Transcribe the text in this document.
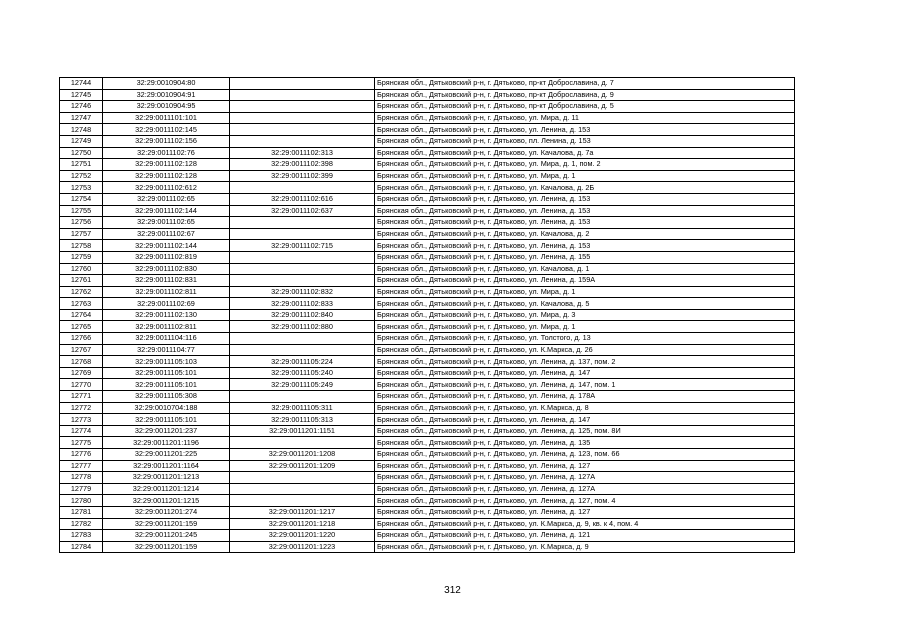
12744	32:29:0010904:80		Брянская обл., Дятьковский р-н, г. Дятьково, пр-кт Доброславина, д. 7
12745	32:29:0010904:91		Брянская обл., Дятьковский р-н, г. Дятьково, пр-кт Доброславина, д. 9
12746	32:29:0010904:95		Брянская обл., Дятьковский р-н, г. Дятьково, пр-кт Доброславина, д. 5
12747	32:29:0011101:101		Брянская обл., Дятьковский р-н, г. Дятьково, ул. Мира, д. 11
12748	32:29:0011102:145		Брянская обл., Дятьковский р-н, г. Дятьково, ул. Ленина, д. 153
12749	32:29:0011102:156		Брянская обл., Дятьковский р-н, г. Дятьково, пл. Ленина, д. 153
12750	32:29:0011102:76	32:29:0011102:313	Брянская обл., Дятьковский р-н, г. Дятьково, ул. Качалова, д. 7а
12751	32:29:0011102:128	32:29:0011102:398	Брянская обл., Дятьковский р-н, г. Дятьково, ул. Мира, д. 1, пом. 2
12752	32:29:0011102:128	32:29:0011102:399	Брянская обл., Дятьковский р-н, г. Дятьково, ул. Мира, д. 1
12753	32:29:0011102:612		Брянская обл., Дятьковский р-н, г. Дятьково, ул. Качалова, д. 2Б
12754	32:29:0011102:65	32:29:0011102:616	Брянская обл., Дятьковский р-н, г. Дятьково, ул. Ленина, д. 153
12755	32:29:0011102:144	32:29:0011102:637	Брянская обл., Дятьковский р-н, г. Дятьково, ул. Ленина, д. 153
12756	32:29:0011102:65		Брянская обл., Дятьковский р-н, г. Дятьково, ул. Ленина, д. 153
12757	32:29:0011102:67		Брянская обл., Дятьковский р-н, г. Дятьково, ул. Качалова, д. 2
12758	32:29:0011102:144	32:29:0011102:715	Брянская обл., Дятьковский р-н, г. Дятьково, ул. Ленина, д. 153
12759	32:29:0011102:819		Брянская обл., Дятьковский р-н, г. Дятьково, ул. Ленина, д. 155
12760	32:29:0011102:830		Брянская обл., Дятьковский р-н, г. Дятьково, ул. Качалова, д. 1
12761	32:29:0011102:831		Брянская обл., Дятьковский р-н, г. Дятьково, ул. Ленина, д. 159А
12762	32:29:0011102:811	32:29:0011102:832	Брянская обл., Дятьковский р-н, г. Дятьково, ул. Мира, д. 1
12763	32:29:0011102:69	32:29:0011102:833	Брянская обл., Дятьковский р-н, г. Дятьково, ул. Качалова, д. 5
12764	32:29:0011102:130	32:29:0011102:840	Брянская обл., Дятьковский р-н, г. Дятьково, ул. Мира, д. 3
12765	32:29:0011102:811	32:29:0011102:880	Брянская обл., Дятьковский р-н, г. Дятьково, ул. Мира, д. 1
12766	32:29:0011104:116		Брянская обл., Дятьковский р-н, г. Дятьково, ул. Толстого, д. 13
12767	32:29:0011104:77		Брянская обл., Дятьковский р-н, г. Дятьково, ул. К.Маркса, д. 26
12768	32:29:0011105:103	32:29:0011105:224	Брянская обл., Дятьковский р-н, г. Дятьково, ул. Ленина, д. 137, пом. 2
12769	32:29:0011105:101	32:29:0011105:240	Брянская обл., Дятьковский р-н, г. Дятьково, ул. Ленина, д. 147
12770	32:29:0011105:101	32:29:0011105:249	Брянская обл., Дятьковский р-н, г. Дятьково, ул. Ленина, д. 147, пом. 1
12771	32:29:0011105:308		Брянская обл., Дятьковский р-н, г. Дятьково, ул. Ленина, д. 178А
12772	32:29:0010704:188	32:29:0011105:311	Брянская обл., Дятьковский р-н, г. Дятьково, ул. К.Маркса, д. 8
12773	32:29:0011105:101	32:29:0011105:313	Брянская обл., Дятьковский р-н, г. Дятьково, ул. Ленина, д. 147
12774	32:29:0011201:237	32:29:0011201:1151	Брянская обл., Дятьковский р-н, г. Дятьково, ул. Ленина, д. 125, пом. 8И
12775	32:29:0011201:1196		Брянская обл., Дятьковский р-н, г. Дятьково, ул. Ленина, д. 135
12776	32:29:0011201:225	32:29:0011201:1208	Брянская обл., Дятьковский р-н, г. Дятьково, ул. Ленина, д. 123, пом. 66
12777	32:29:0011201:1164	32:29:0011201:1209	Брянская обл., Дятьковский р-н, г. Дятьково, ул. Ленина, д. 127
12778	32:29:0011201:1213		Брянская обл., Дятьковский р-н, г. Дятьково, ул. Ленина, д. 127А
12779	32:29:0011201:1214		Брянская обл., Дятьковский р-н, г. Дятьково, ул. Ленина, д. 127А
12780	32:29:0011201:1215		Брянская обл., Дятьковский р-н, г. Дятьково, ул. Ленина, д. 127, пом. 4
12781	32:29:0011201:274	32:29:0011201:1217	Брянская обл., Дятьковский р-н, г. Дятьково, ул. Ленина, д. 127
12782	32:29:0011201:159	32:29:0011201:1218	Брянская обл., Дятьковский р-н, г. Дятьково, ул. К.Маркса, д. 9, кв. к 4, пом. 4
12783	32:29:0011201:245	32:29:0011201:1220	Брянская обл., Дятьковский р-н, г. Дятьково, ул. Ленина, д. 121
12784	32:29:0011201:159	32:29:0011201:1223	Брянская обл., Дятьковский р-н, г. Дятьково, ул. К.Маркса, д. 9
312
